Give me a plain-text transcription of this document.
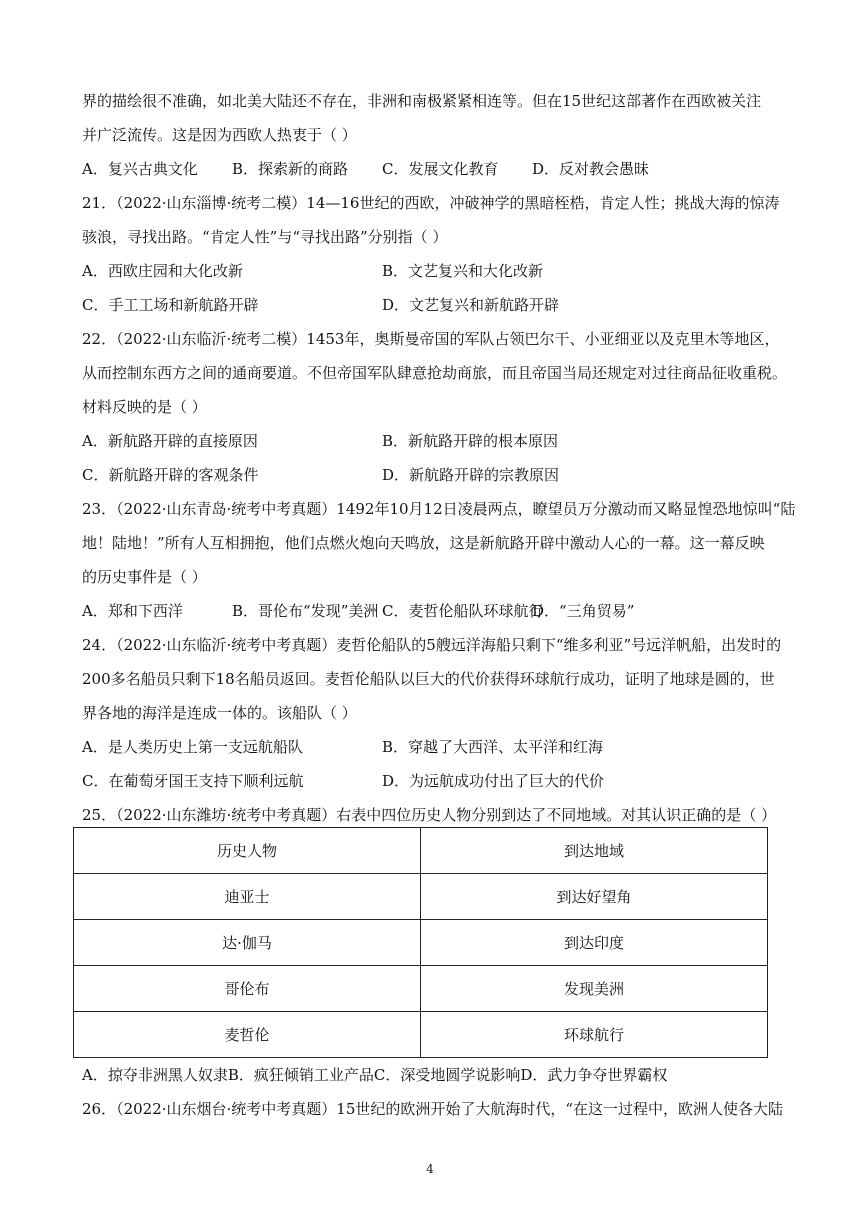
界的描绘很不准确，如北美大陆还不存在，非洲和南极紧紧相连等。但在15世纪这部著作在西欧被关注
并广泛流传。这是因为西欧人热衷于（ ）
A．复兴古典文化	B．探索新的商路	C．发展文化教育	D．反对教会愚昧
21．（2022·山东淄博·统考二模）14—16世纪的西欧，冲破神学的黑暗桎梏，肯定人性；挑战大海的惊涛
骇浪，寻找出路。“肯定人性”与“寻找出路”分别指（ ）
A．西欧庄园和大化改新	B．文艺复兴和大化改新
C．手工工场和新航路开辟	D．文艺复兴和新航路开辟
22．（2022·山东临沂·统考二模）1453年，奥斯曼帝国的军队占领巴尔干、小亚细亚以及克里木等地区，
从而控制东西方之间的通商要道。不但帝国军队肆意抢劫商旅，而且帝国当局还规定对过往商品征收重税。
材料反映的是（ ）
A．新航路开辟的直接原因	B．新航路开辟的根本原因
C．新航路开辟的客观条件	D．新航路开辟的宗教原因
23．（2022·山东青岛·统考中考真题）1492年10月12日凌晨两点，瞭望员万分激动而又略显惶恐地惊叫“陆
地！陆地！”所有人互相拥抱，他们点燃火炮向天鸣放，这是新航路开辟中激动人心的一幕。这一幕反映
的历史事件是（ ）
A．郑和下西洋	B．哥伦布“发现”美洲 C．麦哲伦船队环球航行
D．“三角贸易”
24．（2022·山东临沂·统考中考真题）麦哲伦船队的5艘远洋海船只剩下“维多利亚”号远洋帆船，出发时的
200多名船员只剩下18名船员返回。麦哲伦船队以巨大的代价获得环球航行成功，证明了地球是圆的，世
界各地的海洋是连成一体的。该船队（ ）
A．是人类历史上第一支远航船队	B．穿越了大西洋、太平洋和红海
C．在葡萄牙国王支持下顺利远航	D．为远航成功付出了巨大的代价
25．（2022·山东潍坊·统考中考真题）右表中四位历史人物分别到达了不同地域。对其认识正确的是（ ）
历史人物	到达地域
迪亚士	到达好望角
达·伽马	到达印度
哥伦布	发现美洲
麦哲伦	环球航行
A．掠夺非洲黑人奴隶B．疯狂倾销工业产品C．深受地圆学说影响D．武力争夺世界霸权
26．（2022·山东烟台·统考中考真题）15世纪的欧洲开始了大航海时代，“在这一过程中，欧洲人使各大陆
4
